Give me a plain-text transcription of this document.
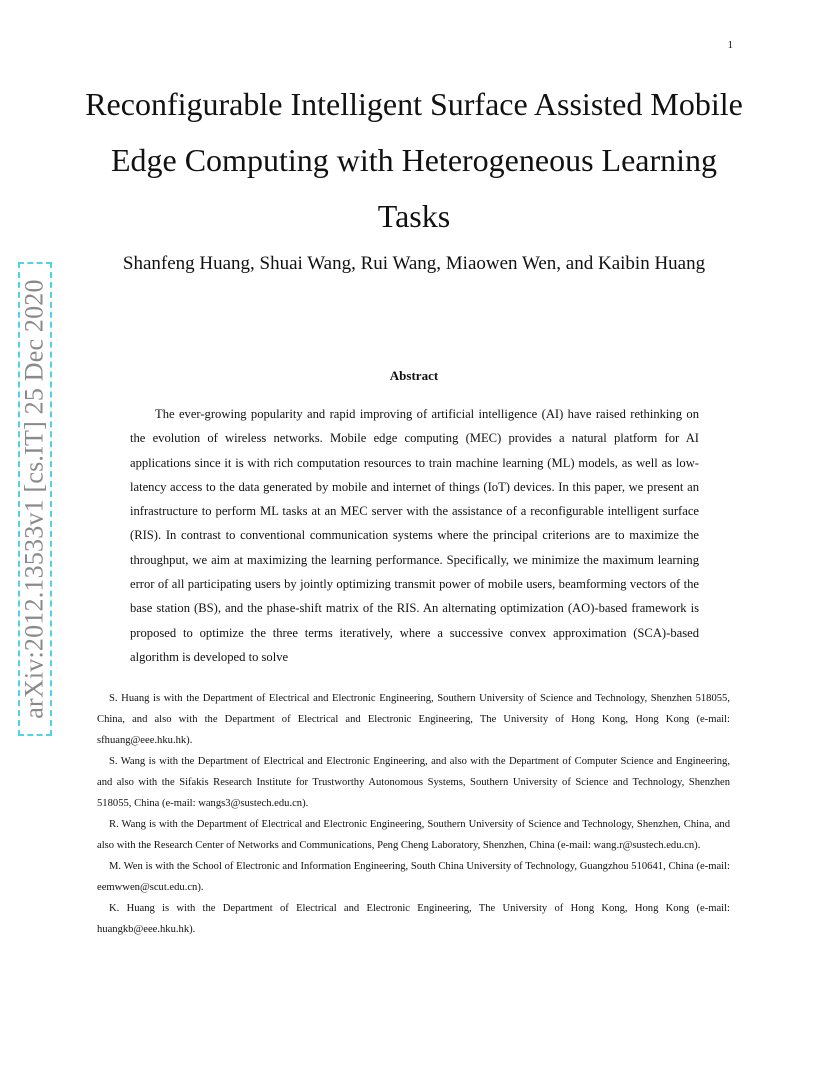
1
arXiv:2012.13533v1 [cs.IT] 25 Dec 2020
Reconfigurable Intelligent Surface Assisted Mobile Edge Computing with Heterogeneous Learning Tasks
Shanfeng Huang, Shuai Wang, Rui Wang, Miaowen Wen, and Kaibin Huang
Abstract

The ever-growing popularity and rapid improving of artificial intelligence (AI) have raised rethinking on the evolution of wireless networks. Mobile edge computing (MEC) provides a natural platform for AI applications since it is with rich computation resources to train machine learning (ML) models, as well as low-latency access to the data generated by mobile and internet of things (IoT) devices. In this paper, we present an infrastructure to perform ML tasks at an MEC server with the assistance of a reconfigurable intelligent surface (RIS). In contrast to conventional communication systems where the principal criterions are to maximize the throughput, we aim at maximizing the learning performance. Specifically, we minimize the maximum learning error of all participating users by jointly optimizing transmit power of mobile users, beamforming vectors of the base station (BS), and the phase-shift matrix of the RIS. An alternating optimization (AO)-based framework is proposed to optimize the three terms iteratively, where a successive convex approximation (SCA)-based algorithm is developed to solve

S. Huang is with the Department of Electrical and Electronic Engineering, Southern University of Science and Technology, Shenzhen 518055, China, and also with the Department of Electrical and Electronic Engineering, The University of Hong Kong, Hong Kong (e-mail: sfhuang@eee.hku.hk).

S. Wang is with the Department of Electrical and Electronic Engineering, and also with the Department of Computer Science and Engineering, and also with the Sifakis Research Institute for Trustworthy Autonomous Systems, Southern University of Science and Technology, Shenzhen 518055, China (e-mail: wangs3@sustech.edu.cn).

R. Wang is with the Department of Electrical and Electronic Engineering, Southern University of Science and Technology, Shenzhen, China, and also with the Research Center of Networks and Communications, Peng Cheng Laboratory, Shenzhen, China (e-mail: wang.r@sustech.edu.cn).

M. Wen is with the School of Electronic and Information Engineering, South China University of Technology, Guangzhou 510641, China (e-mail: eemwwen@scut.edu.cn).

K. Huang is with the Department of Electrical and Electronic Engineering, The University of Hong Kong, Hong Kong (e-mail: huangkb@eee.hku.hk).
